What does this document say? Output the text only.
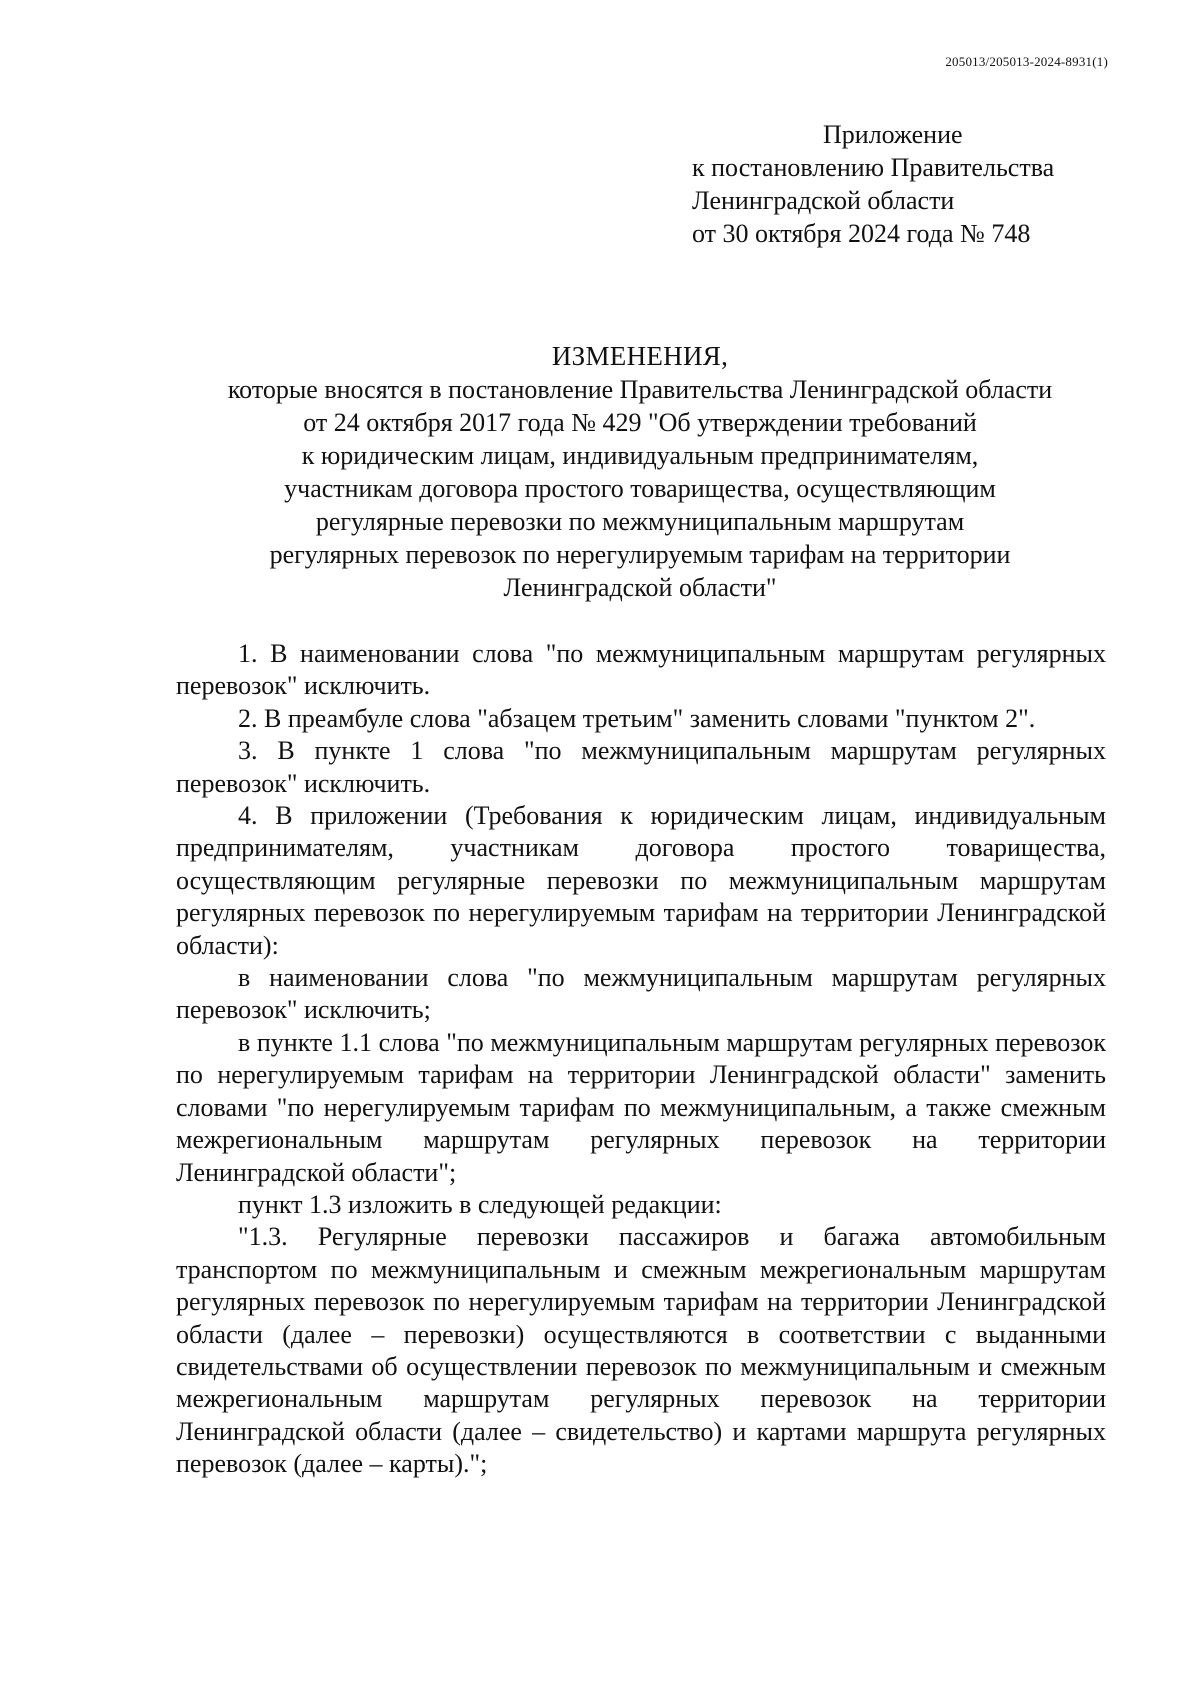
205013/205013-2024-8931(1)
Приложение
к постановлению Правительства
Ленинградской области
от 30 октября 2024 года № 748
ИЗМЕНЕНИЯ,
которые вносятся в постановление Правительства Ленинградской области
от 24 октября 2017 года № 429 "Об утверждении требований
к юридическим лицам, индивидуальным предпринимателям,
участникам договора простого товарищества, осуществляющим
регулярные перевозки по межмуниципальным маршрутам
регулярных перевозок по нерегулируемым тарифам на территории
Ленинградской области"

1. В наименовании слова "по межмуниципальным маршрутам регулярных перевозок" исключить.

2. В преамбуле слова "абзацем третьим" заменить словами "пунктом 2".

3. В пункте 1 слова "по межмуниципальным маршрутам регулярных перевозок" исключить.

4. В приложении (Требования к юридическим лицам, индивидуальным предпринимателям, участникам договора простого товарищества, осуществляющим регулярные перевозки по межмуниципальным маршрутам регулярных перевозок по нерегулируемым тарифам на территории Ленинградской области):

в наименовании слова "по межмуниципальным маршрутам регулярных перевозок" исключить;

в пункте 1.1 слова "по межмуниципальным маршрутам регулярных перевозок по нерегулируемым тарифам на территории Ленинградской области" заменить словами "по нерегулируемым тарифам по межмуниципальным, а также смежным межрегиональным маршрутам регулярных перевозок на территории Ленинградской области";

пункт 1.3 изложить в следующей редакции:

"1.3. Регулярные перевозки пассажиров и багажа автомобильным транспортом по межмуниципальным и смежным межрегиональным маршрутам регулярных перевозок по нерегулируемым тарифам на территории Ленинградской области (далее – перевозки) осуществляются в соответствии с выданными свидетельствами об осуществлении перевозок по межмуниципальным и смежным межрегиональным маршрутам регулярных перевозок на территории Ленинградской области (далее – свидетельство) и картами маршрута регулярных перевозок (далее – карты).";
